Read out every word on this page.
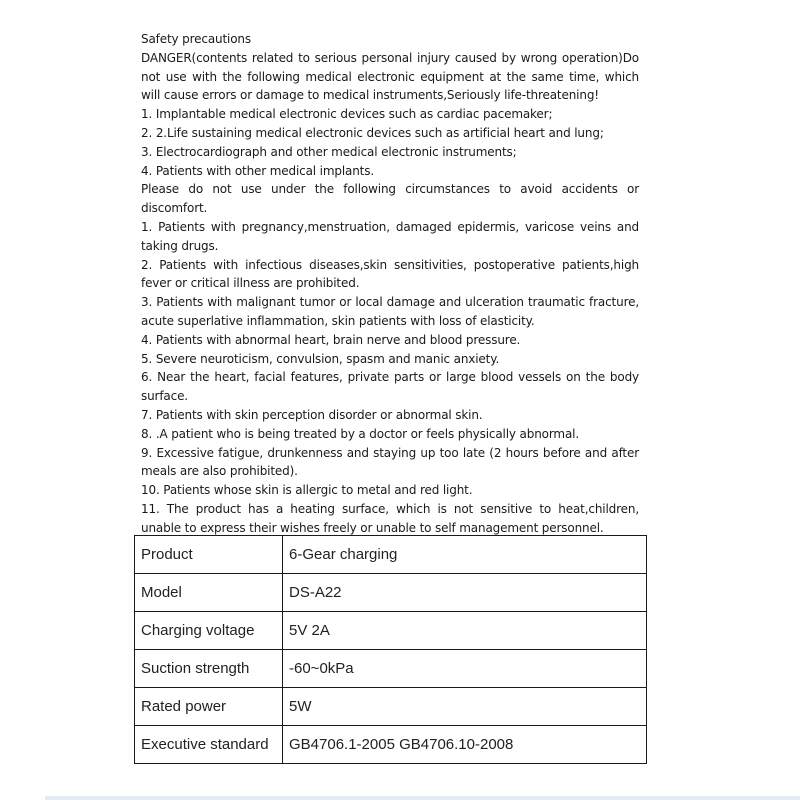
Safety precautions

DANGER(contents related to serious personal injury caused by wrong operation)Do not use with the following medical electronic equipment at the same time, which will cause errors or damage to medical instruments,Seriously life-threatening!

1. Implantable medical electronic devices such as cardiac pacemaker;

2. 2.Life sustaining medical electronic devices such as artificial heart and lung;

3. Electrocardiograph and other medical electronic instruments;

4. Patients with other medical implants.

Please do not use under the following circumstances to avoid accidents or discomfort.

1. Patients with pregnancy,menstruation, damaged epidermis, varicose veins and taking drugs.

2. Patients with infectious diseases,skin sensitivities, postoperative patients,high fever or critical illness are prohibited.

3. Patients with malignant tumor or local damage and ulceration traumatic fracture, acute superlative inflammation, skin patients with loss of elasticity.

4. Patients with abnormal heart, brain nerve and blood pressure.

5. Severe neuroticism, convulsion, spasm and manic anxiety.

6. Near the heart, facial features, private parts or large blood vessels on the body surface.

7. Patients with skin perception disorder or abnormal skin.

8. .A patient who is being treated by a doctor or feels physically abnormal.

9. Excessive fatigue, drunkenness and staying up too late (2 hours before and after meals are also prohibited).

10. Patients whose skin is allergic to metal and red light.

11. The product has a heating surface, which is not sensitive to heat,children, unable to express their wishes freely or unable to self management personnel.

Product	6-Gear charging
Model	DS-A22
Charging voltage	5V 2A
Suction strength	-60~0kPa
Rated power	5W
Executive standard	GB4706.1-2005 GB4706.10-2008
